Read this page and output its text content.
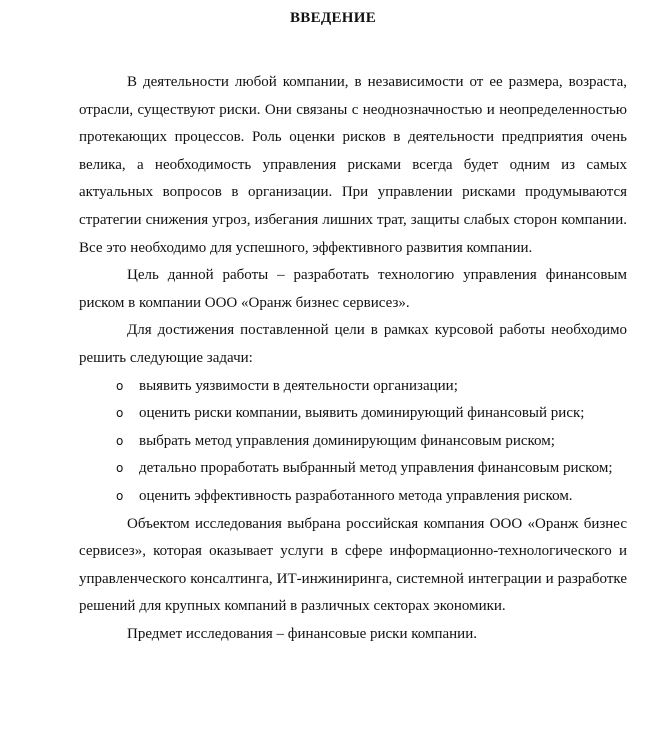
ВВЕДЕНИЕ

В деятельности любой компании, в независимости от ее размера, возраста, отрасли, существуют риски. Они связаны с неоднозначностью и неопределенностью протекающих процессов. Роль оценки рисков в деятельности предприятия очень велика, а необходимость управления рисками всегда будет одним из самых актуальных вопросов в организации. При управлении рисками продумываются стратегии снижения угроз, избегания лишних трат, защиты слабых сторон компании. Все это необходимо для успешного, эффективного развития компании.

Цель данной работы – разработать технологию управления финансовым риском в компании ООО «Оранж бизнес сервисез».

Для достижения поставленной цели в рамках курсовой работы необходимо решить следующие задачи:

o выявить уязвимости в деятельности организации;
o оценить риски компании, выявить доминирующий финансовый риск;
o выбрать метод управления доминирующим финансовым риском;
o детально проработать выбранный метод управления финансовым риском;
o оценить эффективность разработанного метода управления риском.

Объектом исследования выбрана российская компания ООО «Оранж бизнес сервисез», которая оказывает услуги в сфере информационно-технологического и управленческого консалтинга, ИТ-инжиниринга, системной интеграции и разработке решений для крупных компаний в различных секторах экономики.

Предмет исследования – финансовые риски компании.
